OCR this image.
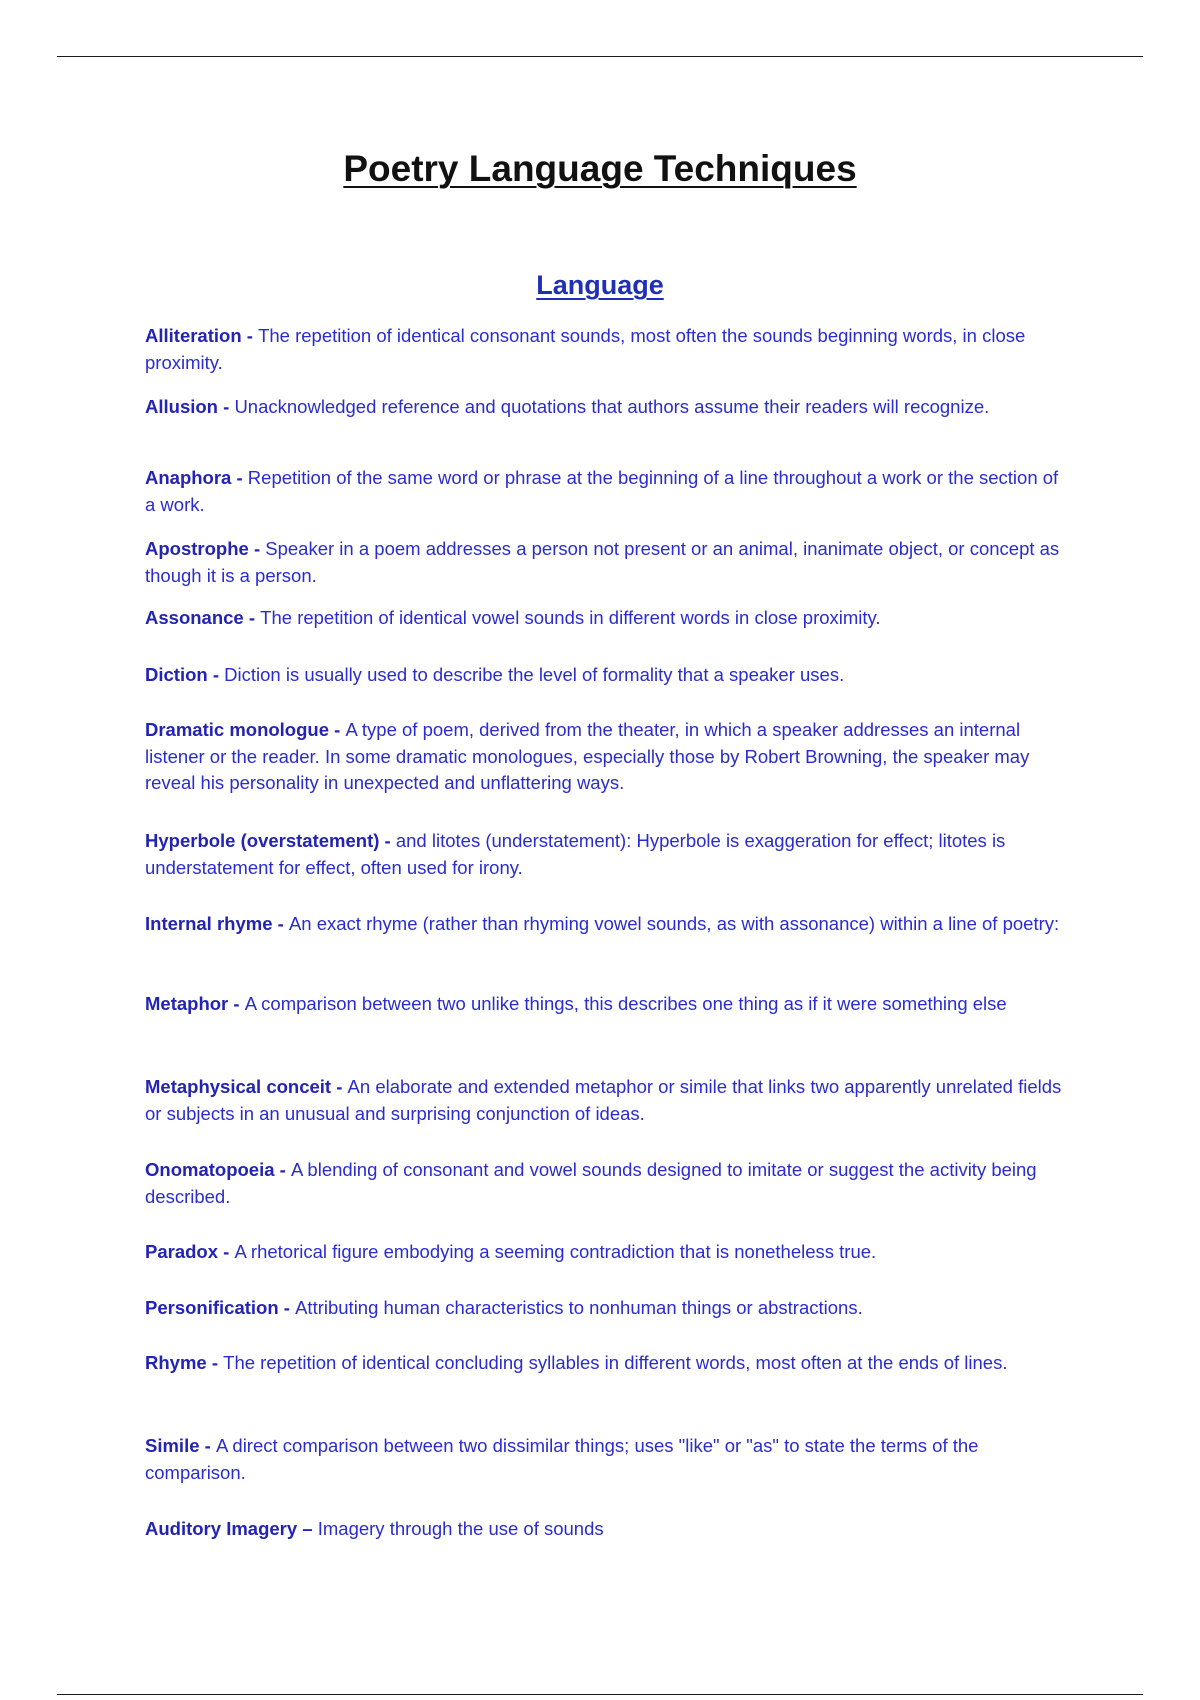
Poetry Language Techniques
Language

Alliteration - The repetition of identical consonant sounds, most often the sounds beginning words, in close proximity.

Allusion - Unacknowledged reference and quotations that authors assume their readers will recognize.

Anaphora - Repetition of the same word or phrase at the beginning of a line throughout a work or the section of a work.

Apostrophe - Speaker in a poem addresses a person not present or an animal, inanimate object, or concept as though it is a person.

Assonance - The repetition of identical vowel sounds in different words in close proximity.

Diction - Diction is usually used to describe the level of formality that a speaker uses.

Dramatic monologue - A type of poem, derived from the theater, in which a speaker addresses an internal listener or the reader. In some dramatic monologues, especially those by Robert Browning, the speaker may reveal his personality in unexpected and unflattering ways.

Hyperbole (overstatement) - and litotes (understatement): Hyperbole is exaggeration for effect; litotes is understatement for effect, often used for irony.

Internal rhyme - An exact rhyme (rather than rhyming vowel sounds, as with assonance) within a line of poetry:

Metaphor - A comparison between two unlike things, this describes one thing as if it were something else

Metaphysical conceit - An elaborate and extended metaphor or simile that links two apparently unrelated fields or subjects in an unusual and surprising conjunction of ideas.

Onomatopoeia - A blending of consonant and vowel sounds designed to imitate or suggest the activity being described.

Paradox - A rhetorical figure embodying a seeming contradiction that is nonetheless true.

Personification - Attributing human characteristics to nonhuman things or abstractions.

Rhyme - The repetition of identical concluding syllables in different words, most often at the ends of lines.

Simile - A direct comparison between two dissimilar things; uses "like" or "as" to state the terms of the comparison.

Auditory Imagery – Imagery through the use of sounds
